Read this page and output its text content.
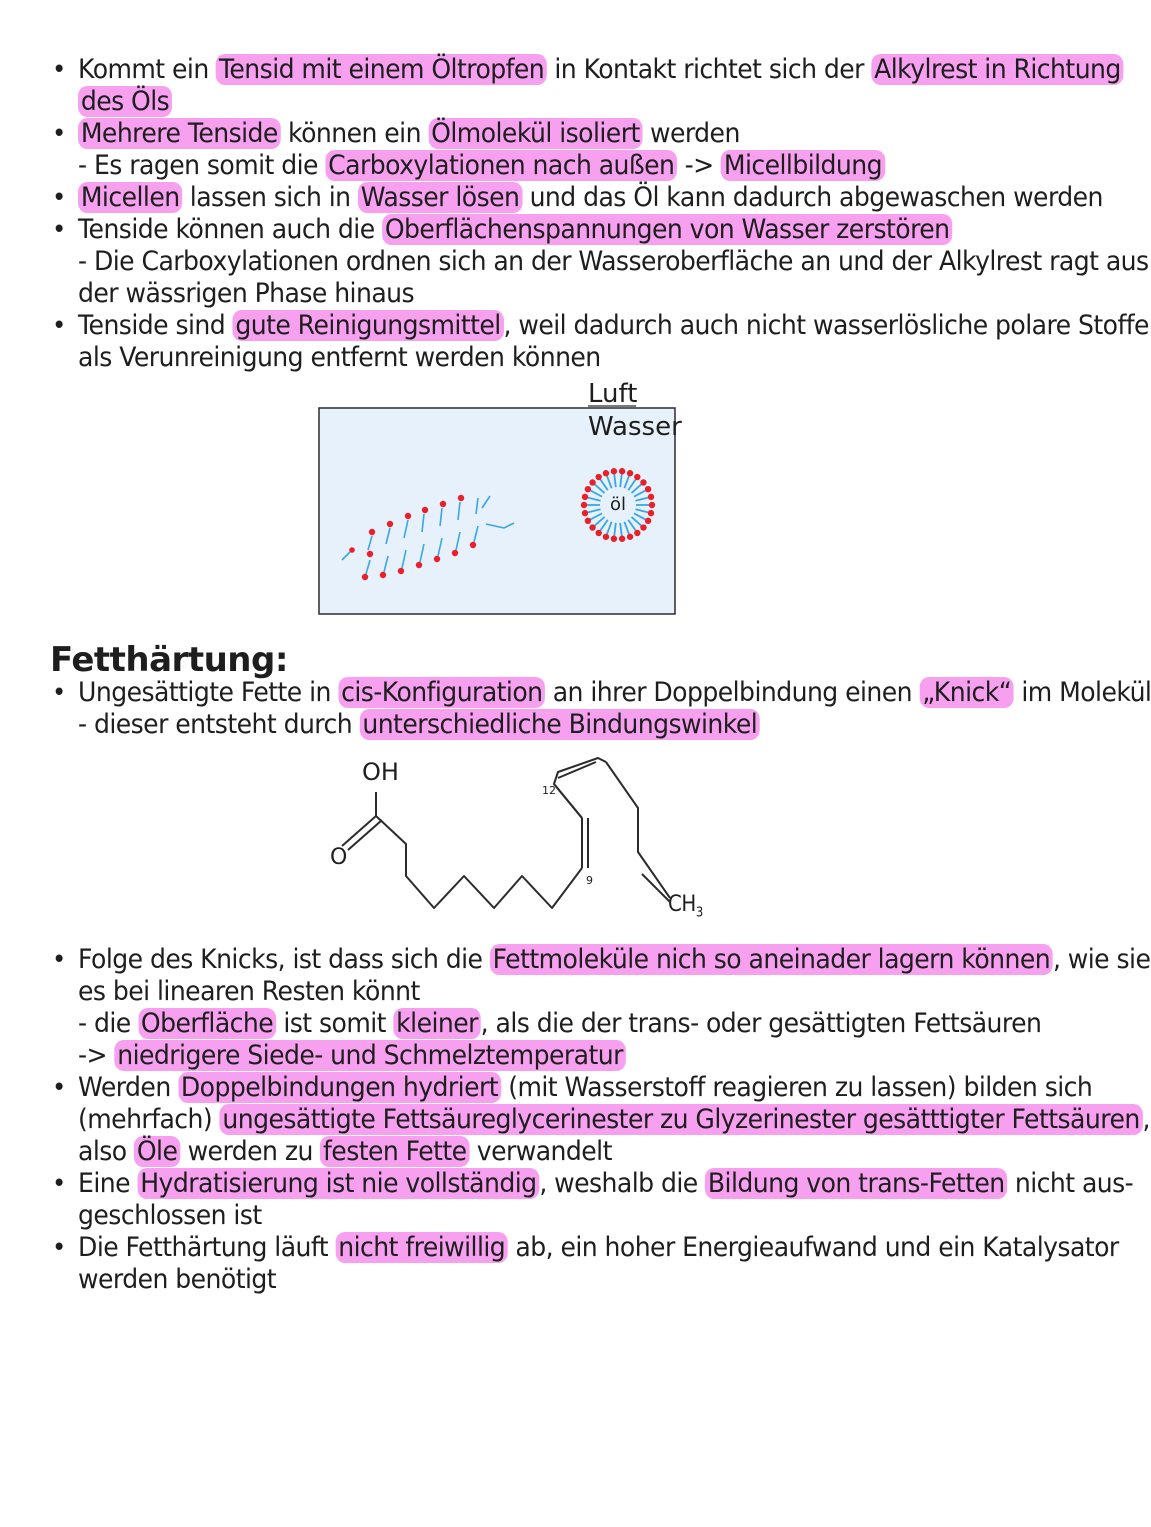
• Kommt ein Tensid mit einem Öltropfen in Kontakt richtet sich der Alkylrest in Richtung
des Öls
• Mehrere Tenside können ein Ölmolekül isoliert werden
- Es ragen somit die Carboxylationen nach außen -> Micellbildung
• Micellen lassen sich in Wasser lösen und das Öl kann dadurch abgewaschen werden
• Tenside können auch die Oberflächenspannungen von Wasser zerstören
- Die Carboxylationen ordnen sich an der Wasseroberfläche an und der Alkylrest ragt aus
der wässrigen Phase hinaus
• Tenside sind gute Reinigungsmittel , weil dadurch auch nicht wasserlösliche polare Stoffe
als Verunreinigung entfernt werden können
Luft
Wasser
öl
Fetthärtung:
• Ungesättigte Fette in cis-Konfiguration an ihrer Doppelbindung einen „Knick“ im Molekül
- dieser entsteht durch unterschiedliche Bindungswinkel
OH
O
12
9
$CH_3$
• Folge des Knicks, ist dass sich die Fettmoleküle nich so aneinader lagern können , wie sie
es bei linearen Resten könnt
- die Oberfläche ist somit kleiner , als die der trans- oder gesättigten Fettsäuren
-> niedrigere Siede- und Schmelztemperatur
• Werden Doppelbindungen hydriert (mit Wasserstoff reagieren zu lassen) bilden sich
(mehrfach) ungesättigte Fettsäureglycerinester zu Glyzerinester gesätttigter Fettsäuren ,
also Öle werden zu festen Fette verwandelt
• Eine Hydratisierung ist nie vollständig , weshalb die Bildung von trans-Fetten nicht aus-
geschlossen ist
• Die Fetthärtung läuft nicht freiwillig ab, ein hoher Energieaufwand und ein Katalysator
werden benötigt
